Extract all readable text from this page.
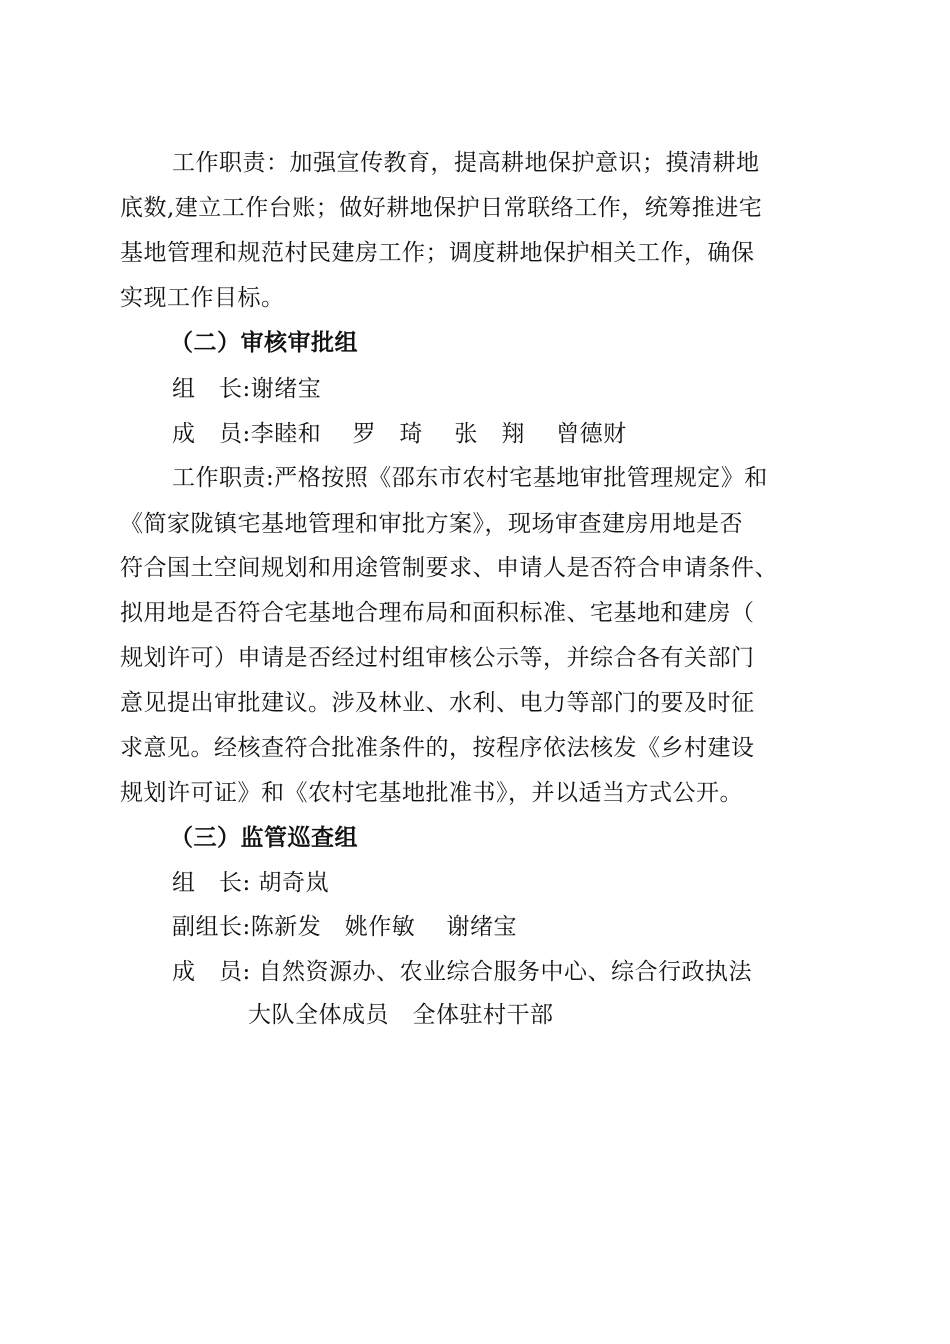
工作职责：加强宣传教育，提高耕地保护意识；摸清耕地
底数,建立工作台账；做好耕地保护日常联络工作，统筹推进宅
基地管理和规范村民建房工作；调度耕地保护相关工作，确保
实现工作目标。
（二）审核审批组
组　长:谢绪宝
成　员:李睦和　 罗　琦　 张　翔　 曾德财
工作职责:严格按照《邵东市农村宅基地审批管理规定》和
《简家陇镇宅基地管理和审批方案》，现场审查建房用地是否
符合国土空间规划和用途管制要求、申请人是否符合申请条件、
拟用地是否符合宅基地合理布局和面积标准、宅基地和建房（
规划许可）申请是否经过村组审核公示等，并综合各有关部门
意见提出审批建议。涉及林业、水利、电力等部门的要及时征
求意见。经核查符合批准条件的，按程序依法核发《乡村建设
规划许可证》和《农村宅基地批准书》，并以适当方式公开。
（三）监管巡查组
组　长: 胡奇岚
副组长:陈新发　姚作敏　 谢绪宝
成　员: 自然资源办、农业综合服务中心、综合行政执法
大队全体成员　全体驻村干部
